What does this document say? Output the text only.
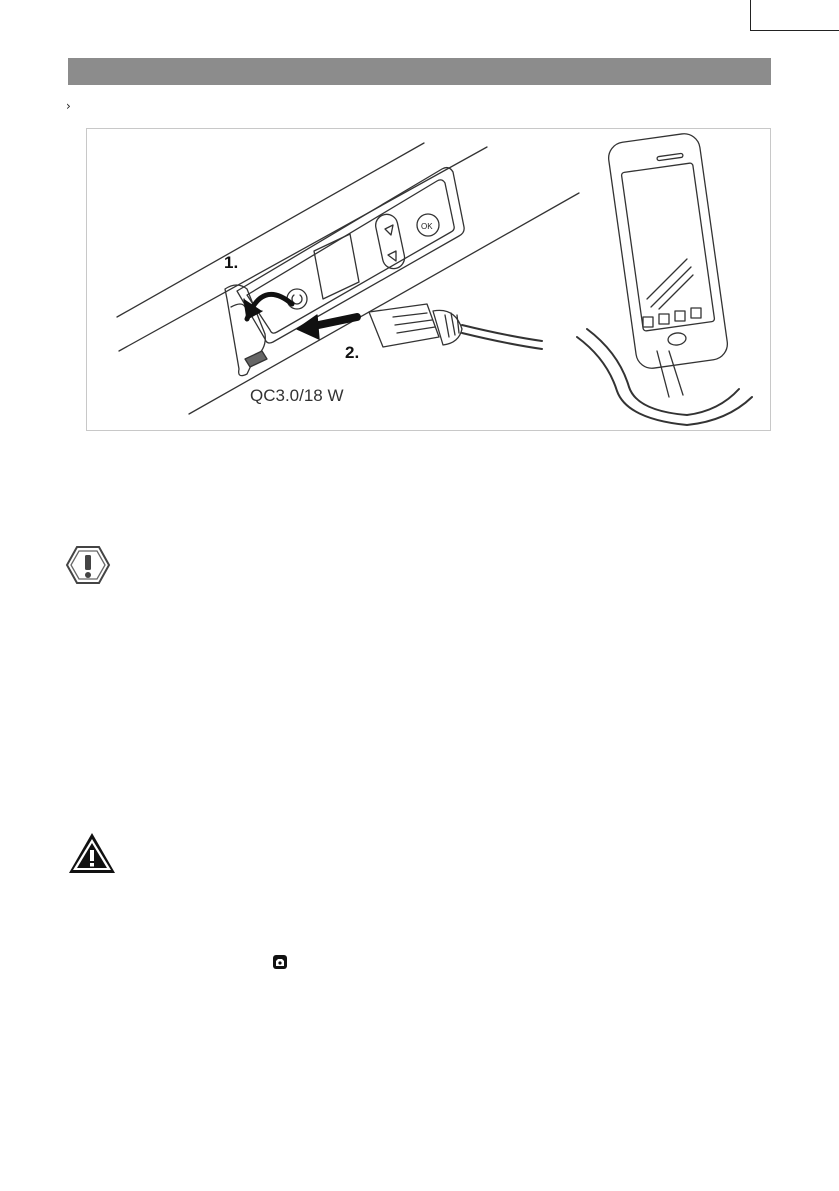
›
1.
2.
QC3.0/18 W
OK
